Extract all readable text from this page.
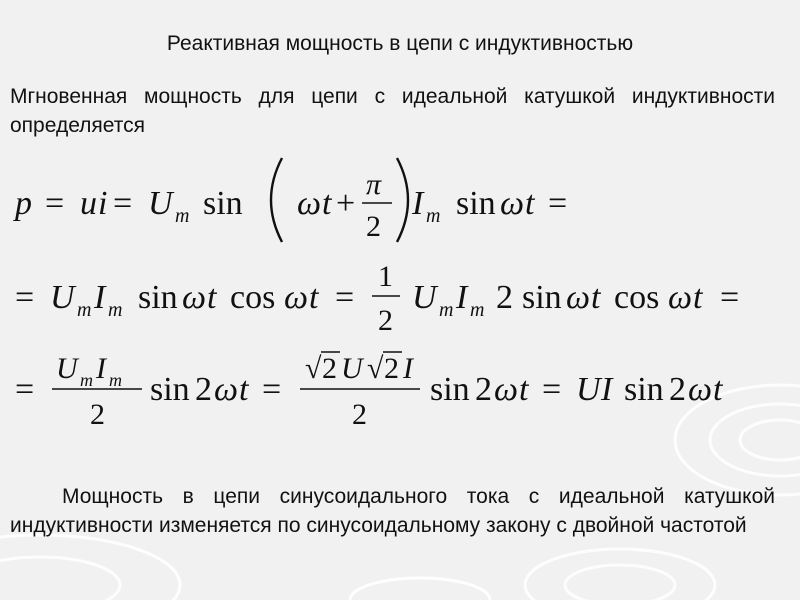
Реактивная мощность в цепи с индуктивностью
Мгновенная мощность для цепи с идеальной катушкой индуктивности определяется
p = u i = U m sin ω t +
π
2
I m sin ω t =
= U m I m sin ω t cos ω t =
1
2
U m I m 2 sin ω t cos ω t =
=
U m I m
2
sin 2 ω t =
√ 2 U √ 2 I
2
sin 2 ω t = U I sin 2 ω t
Мощность в цепи синусоидального тока с идеальной катушкой индуктивности изменяется по синусоидальному закону с двойной частотой
